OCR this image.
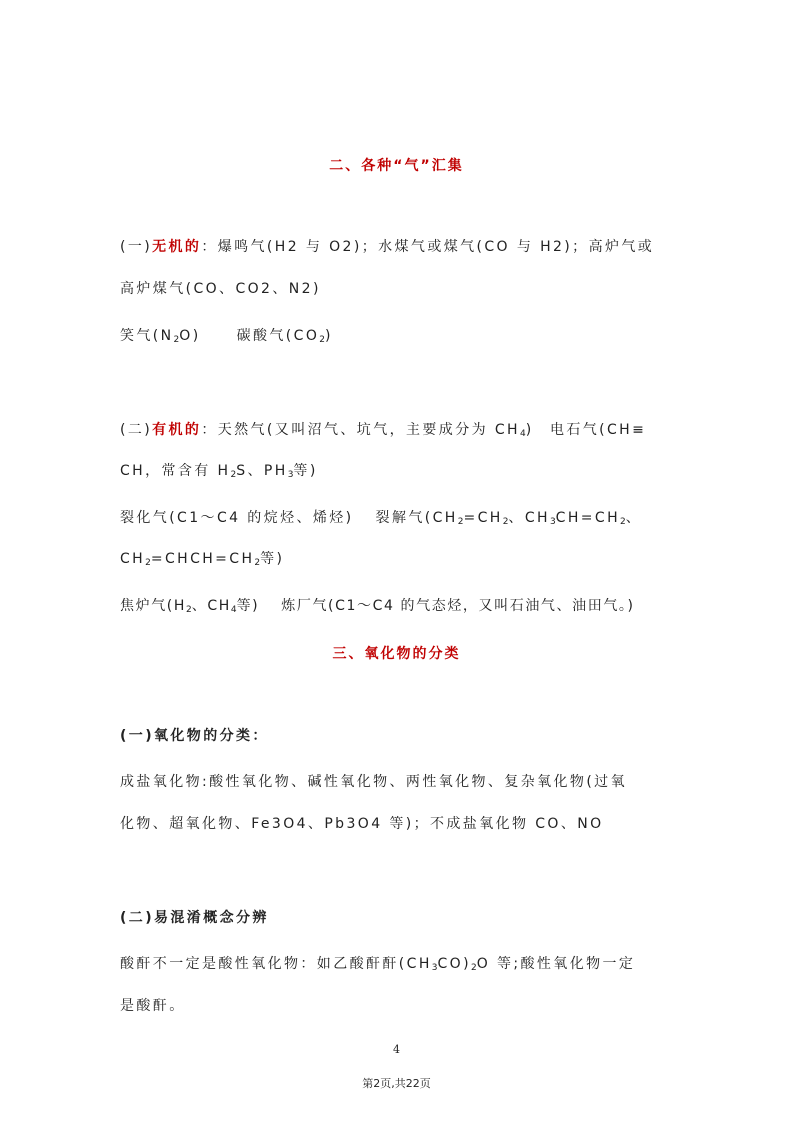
二、各种“气”汇集
(一)无机的：爆鸣气(H2 与 O2)；水煤气或煤气(CO 与 H2)；高炉气或
高炉煤气(CO、CO2、N2)
笑气$(N_2O)$	碳酸气$(CO_2)$
(二)有机的：天然气(又叫沼气、坑气，主要成分为 $CH_4$)　电石气(CH≡
CH，常含有 $H_2S$、$PH_3$等)
裂化气(C1～C4 的烷烃、烯烃) 裂解气($CH_2=CH_2$、$CH_3CH=CH_2$、
$CH_2=CHCH=CH_2$等)
焦炉气($H_2$、$CH_4$等) 炼厂气(C1～C4 的气态烃，又叫石油气、油田气。)
三、氧化物的分类
(一)氧化物的分类：
成盐氧化物:酸性氧化物、碱性氧化物、两性氧化物、复杂氧化物(过氧
化物、超氧化物、Fe3O4、Pb3O4 等)；不成盐氧化物 CO、NO
(二)易混淆概念分辨
酸酐不一定是酸性氧化物：如乙酸酐酐$(CH_3CO)_2O$ 等;酸性氧化物一定
是酸酐。
4
第2页,共22页
